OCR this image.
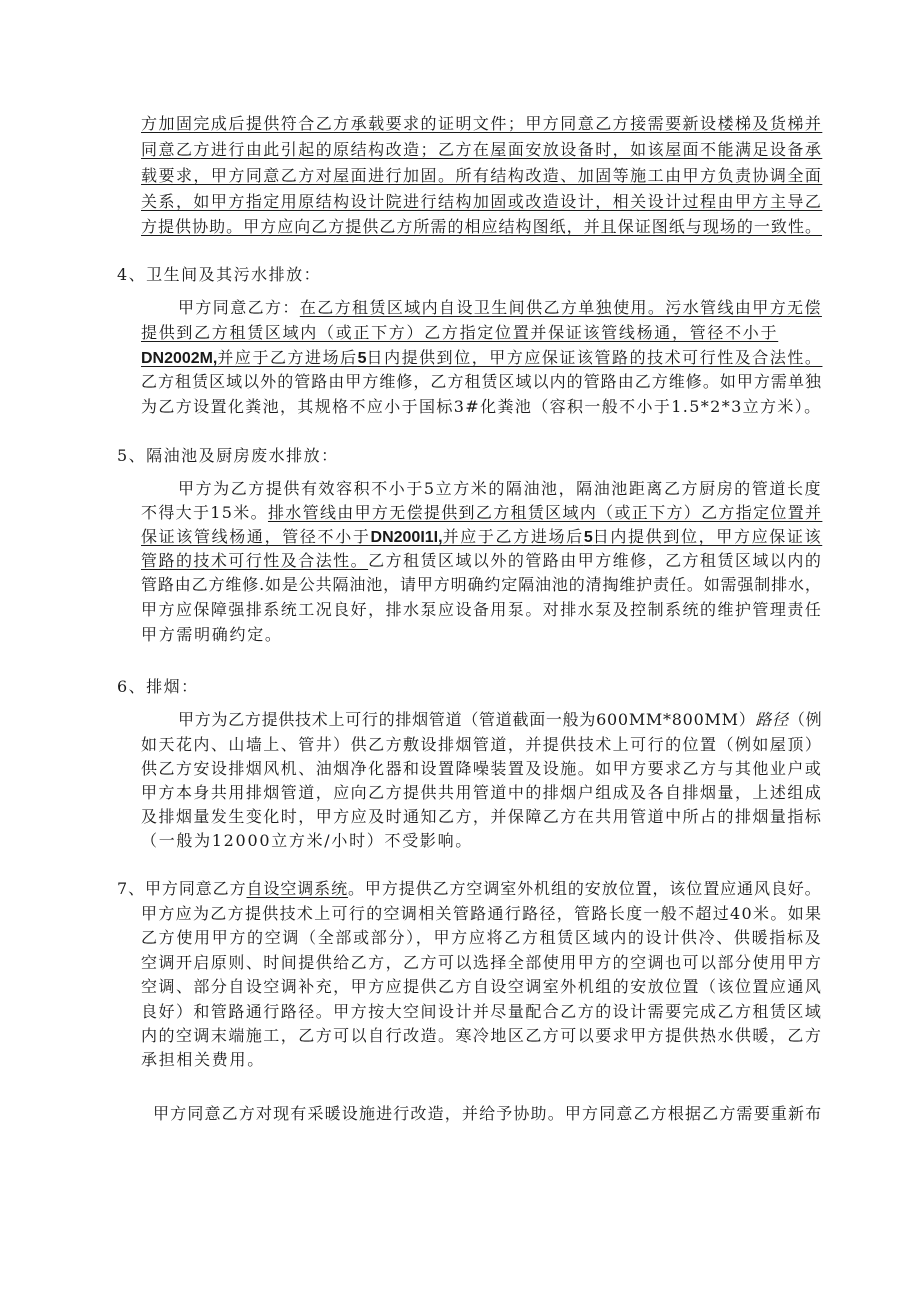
方加固完成后提供符合乙方承载要求的证明文件；甲方同意乙方接需要新设楼梯及货梯并
同意乙方进行由此引起的原结构改造；乙方在屋面安放设备时，如该屋面不能满足设备承
载要求，甲方同意乙方对屋面进行加固。所有结构改造、加固等施工由甲方负责协调全面
关系，如甲方指定用原结构设计院进行结构加固或改造设计，相关设计过程由甲方主导乙
方提供协助。甲方应向乙方提供乙方所需的相应结构图纸，并且保证图纸与现场的一致性。
4、卫生间及其污水排放：
甲方同意乙方：在乙方租赁区域内自设卫生间供乙方单独使用。污水管线由甲方无偿
提供到乙方租赁区域内（或正下方）乙方指定位置并保证该管线杨通，管径不小于
DN2002M,并应于乙方进场后5日内提供到位，甲方应保证该管路的技术可行性及合法性。
乙方租赁区域以外的管路由甲方维修，乙方租赁区域以内的管路由乙方维修。如甲方需单独
为乙方设置化粪池，其规格不应小于国标3#化粪池（容积一般不小于1.5*2*3立方米）。
5、隔油池及厨房废水排放：
甲方为乙方提供有效容积不小于5立方米的隔油池，隔油池距离乙方厨房的管道长度
不得大于15米。排水管线由甲方无偿提供到乙方租赁区域内（或正下方）乙方指定位置并
保证该管线杨通，管径不小于DN200I1I,并应于乙方进场后5日内提供到位，甲方应保证该
管路的技术可行性及合法性。乙方租赁区域以外的管路由甲方维修，乙方租赁区域以内的
管路由乙方维修.如是公共隔油池，请甲方明确约定隔油池的清掏维护责任。如需强制排水，
甲方应保障强排系统工况良好，排水泵应设备用泵。对排水泵及控制系统的维护管理责任
甲方需明确约定。
6、排烟：
甲方为乙方提供技术上可行的排烟管道（管道截面一般为600MM*800MM）路径（例
如天花内、山墙上、管井）供乙方敷设排烟管道，并提供技术上可行的位置（例如屋顶）
供乙方安设排烟风机、油烟净化器和设置降噪装置及设施。如甲方要求乙方与其他业户或
甲方本身共用排烟管道，应向乙方提供共用管道中的排烟户组成及各自排烟量，上述组成
及排烟量发生变化时，甲方应及时通知乙方，并保障乙方在共用管道中所占的排烟量指标
（一般为12000立方米/小时）不受影响。
7、甲方同意乙方自设空调系统。甲方提供乙方空调室外机组的安放位置，该位置应通风良好。
甲方应为乙方提供技术上可行的空调相关管路通行路径，管路长度一般不超过40米。如果
乙方使用甲方的空调（全部或部分），甲方应将乙方租赁区域内的设计供冷、供暖指标及
空调开启原则、时间提供给乙方，乙方可以选择全部使用甲方的空调也可以部分使用甲方
空调、部分自设空调补充，甲方应提供乙方自设空调室外机组的安放位置（该位置应通风
良好）和管路通行路径。甲方按大空间设计并尽量配合乙方的设计需要完成乙方租赁区域
内的空调末端施工，乙方可以自行改造。寒冷地区乙方可以要求甲方提供热水供暖，乙方
承担相关费用。
甲方同意乙方对现有采暖设施进行改造，并给予协助。甲方同意乙方根据乙方需要重新布
